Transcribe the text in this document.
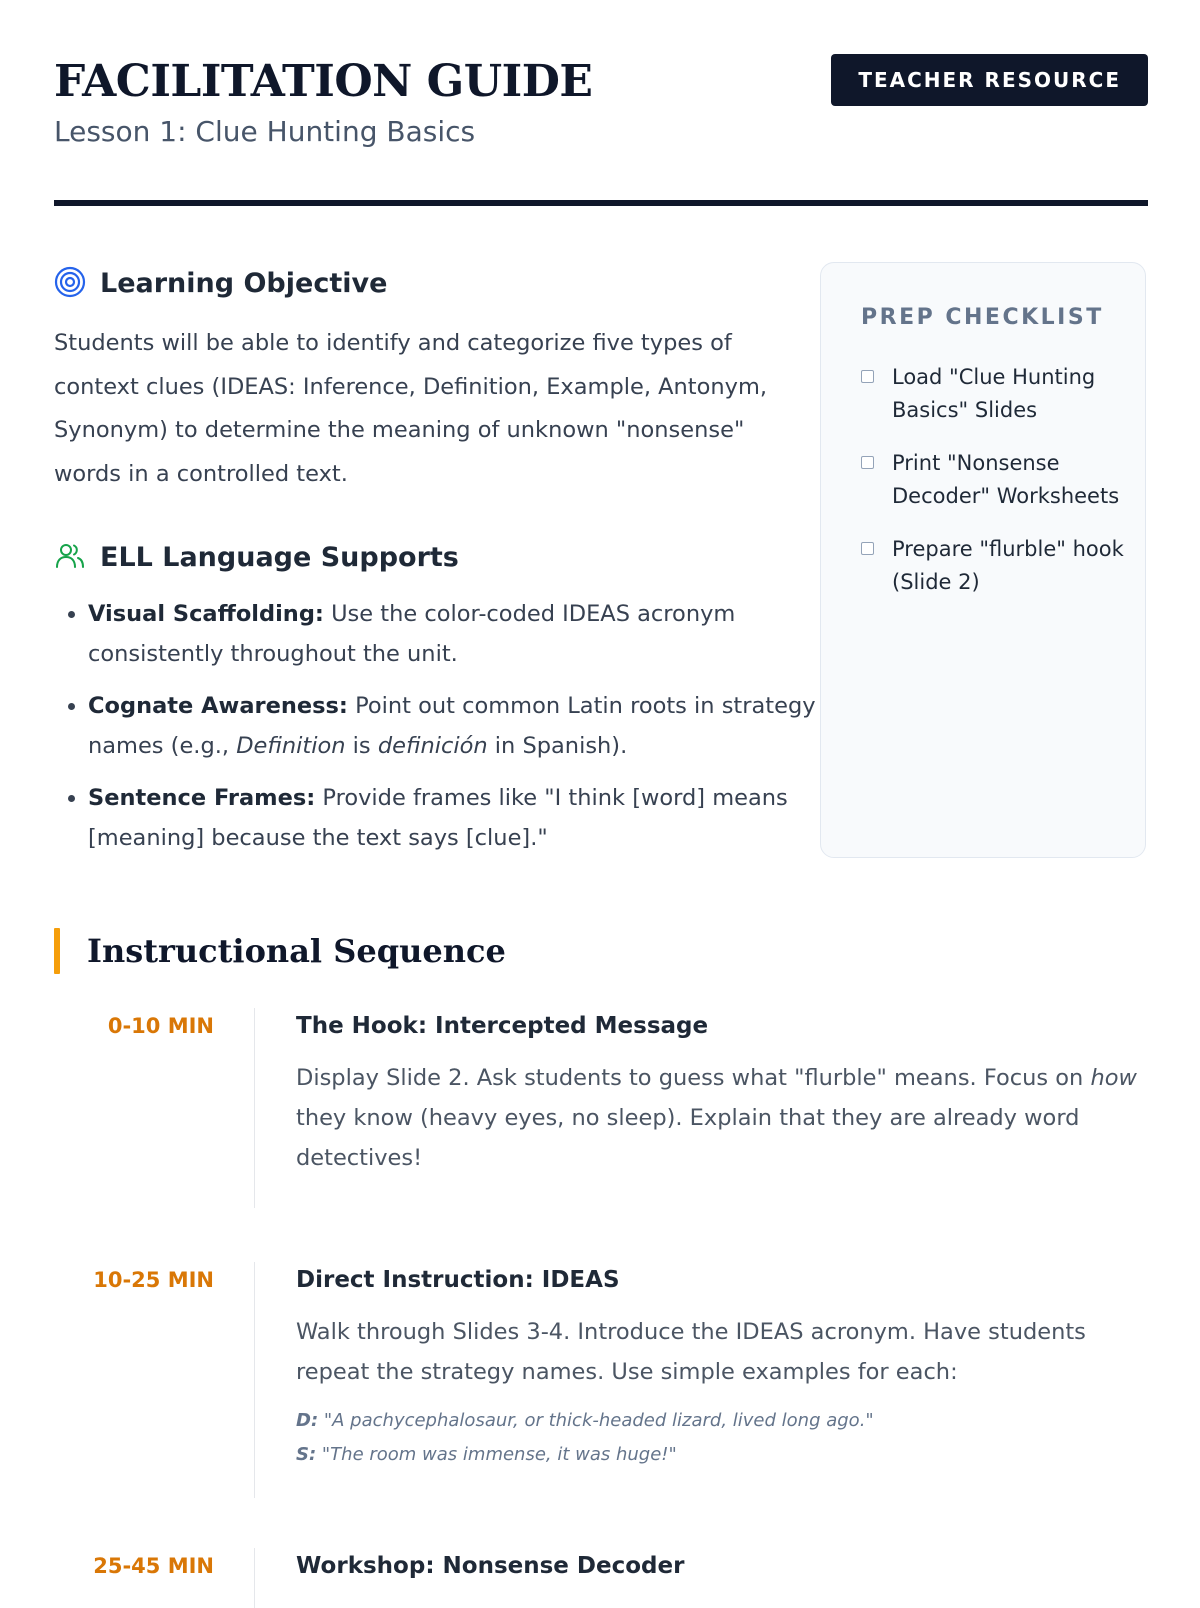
FACILITATION GUIDE
Lesson 1: Clue Hunting Basics
TEACHER RESOURCE
Learning Objective

Students will be able to identify and categorize five types of context clues (IDEAS: Inference, Definition, Example, Antonym, Synonym) to determine the meaning of unknown "nonsense" words in a controlled text.

ELL Language Supports
• Visual Scaffolding: Use the color-coded IDEAS acronym consistently throughout the unit.
• Cognate Awareness: Point out common Latin roots in strategy names (e.g., Definition is definición in Spanish).
• Sentence Frames: Provide frames like "I think [word] means [meaning] because the text says [clue]."
PREP CHECKLIST
Load "Clue Hunting Basics" Slides
Print "Nonsense Decoder" Worksheets
Prepare "flurble" hook (Slide 2)
Instructional Sequence
0-10 MIN	The Hook: Intercepted Message

Display Slide 2. Ask students to guess what "flurble" means. Focus on how they know (heavy eyes, no sleep). Explain that they are already word detectives!

10-25 MIN	Direct Instruction: IDEAS

Walk through Slides 3-4. Introduce the IDEAS acronym. Have students repeat the strategy names. Use simple examples for each:

D: "A pachycephalosaur, or thick-headed lizard, lived long ago."
S: "The room was immense, it was huge!"
25-45 MIN	Workshop: Nonsense Decoder
